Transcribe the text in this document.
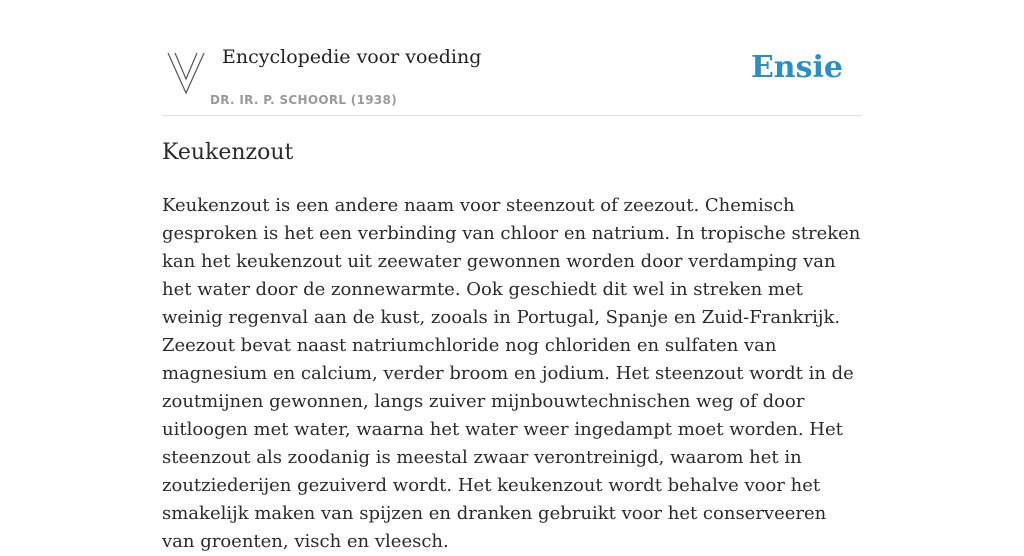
Encyclopedie voor voeding
DR. IR. P. SCHOORL (1938)
Ensie
Keukenzout

Keukenzout is een andere naam voor steenzout of zeezout. Chemisch gesproken is het een verbinding van chloor en natrium. In tropische streken kan het keukenzout uit zeewater gewonnen worden door verdamping van het water door de zonnewarmte. Ook geschiedt dit wel in streken met weinig regenval aan de kust, zooals in Portugal, Spanje en Zuid-Frankrijk. Zeezout bevat naast natriumchloride nog chloriden en sulfaten van magnesium en calcium, verder broom en jodium. Het steenzout wordt in de zoutmijnen gewonnen, langs zuiver mijnbouwtechnischen weg of door uitloogen met water, waarna het water weer ingedampt moet worden. Het steenzout als zoodanig is meestal zwaar verontreinigd, waarom het in zoutziederijen gezuiverd wordt. Het keukenzout wordt behalve voor het smakelijk maken van spijzen en dranken gebruikt voor het conserveeren van groenten, visch en vleesch.
